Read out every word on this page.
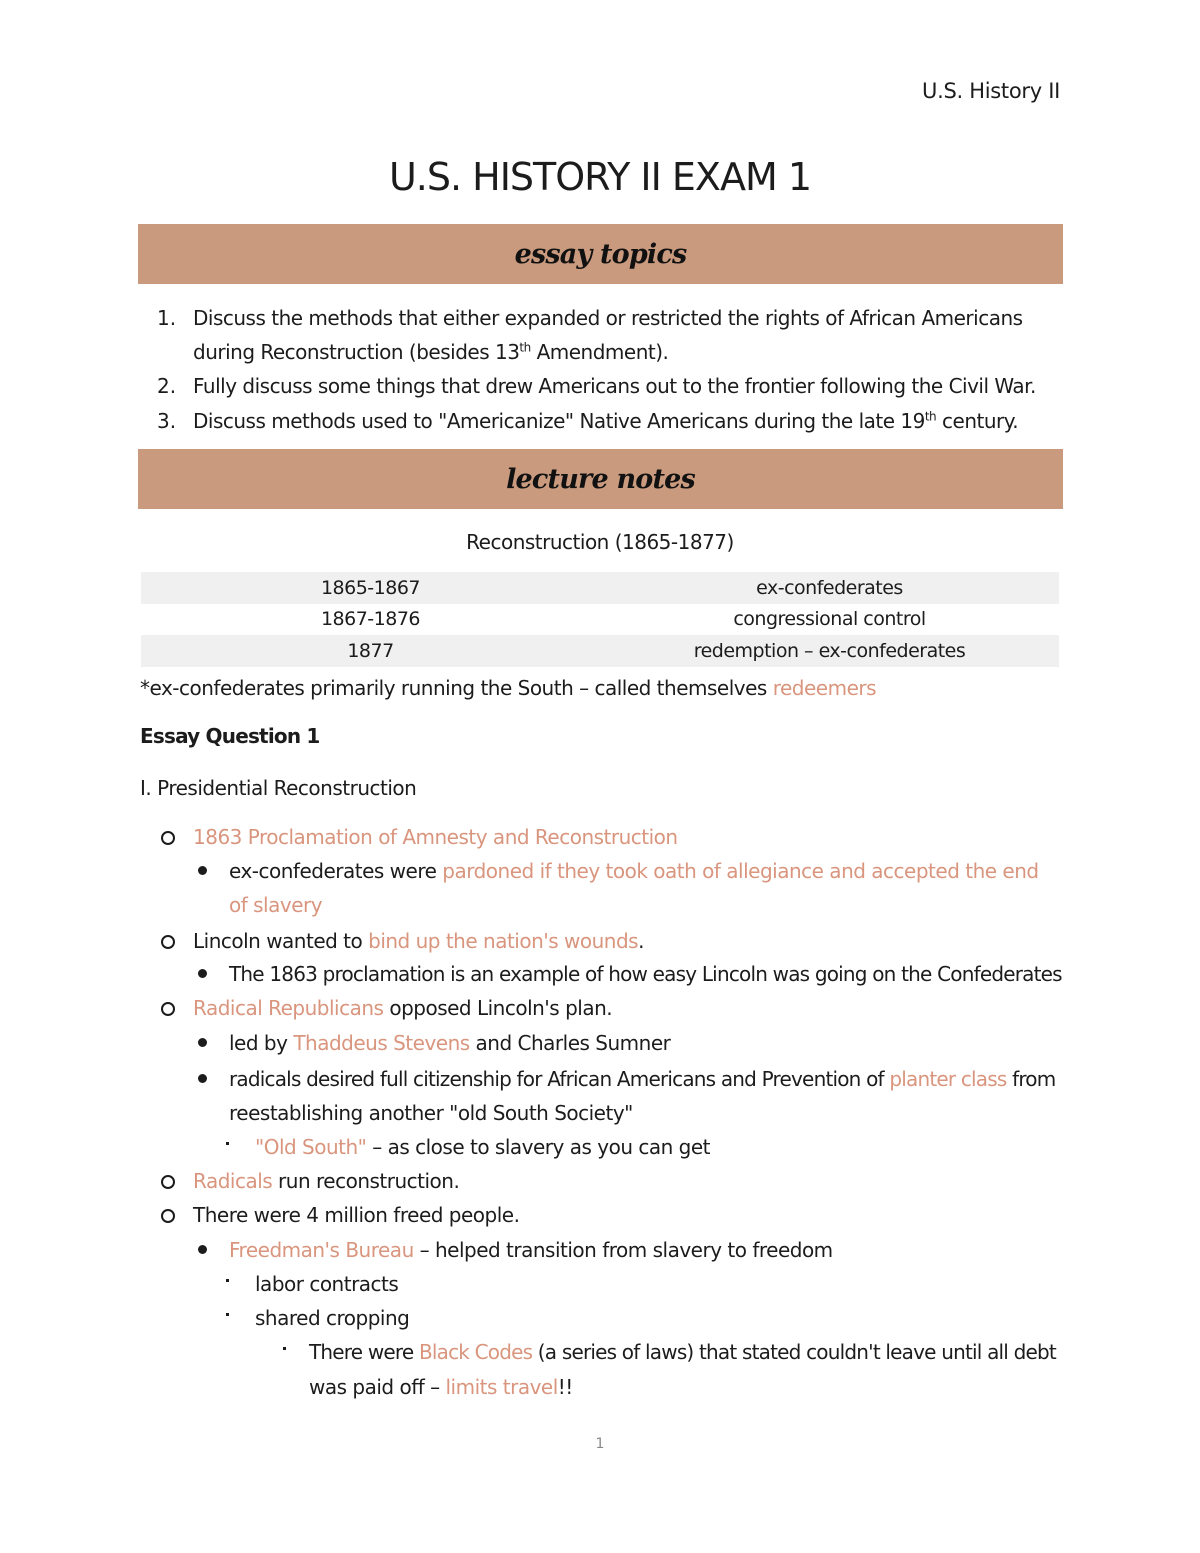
U.S. History II
U.S. HISTORY II EXAM 1
essay topics
1. Discuss the methods that either expanded or restricted the rights of African Americans
during Reconstruction (besides 13th Amendment).
2. Fully discuss some things that drew Americans out to the frontier following the Civil War.
3. Discuss methods used to "Americanize" Native Americans during the late 19th century.
lecture notes
Reconstruction (1865-1877)
1865-1867	ex-confederates
1867-1876	congressional control
1877	redemption – ex-confederates
*ex-confederates primarily running the South – called themselves redeemers
Essay Question 1
I. Presidential Reconstruction
1863 Proclamation of Amnesty and Reconstruction
ex-confederates were pardoned if they took oath of allegiance and accepted the end
of slavery
Lincoln wanted to bind up the nation's wounds.
The 1863 proclamation is an example of how easy Lincoln was going on the Confederates
Radical Republicans opposed Lincoln's plan.
led by Thaddeus Stevens and Charles Sumner
radicals desired full citizenship for African Americans and Prevention of planter class from
reestablishing another "old South Society"
"Old South" – as close to slavery as you can get
Radicals run reconstruction.
There were 4 million freed people.
Freedman's Bureau – helped transition from slavery to freedom
labor contracts
shared cropping
There were Black Codes (a series of laws) that stated couldn't leave until all debt
was paid off – limits travel!!
1
